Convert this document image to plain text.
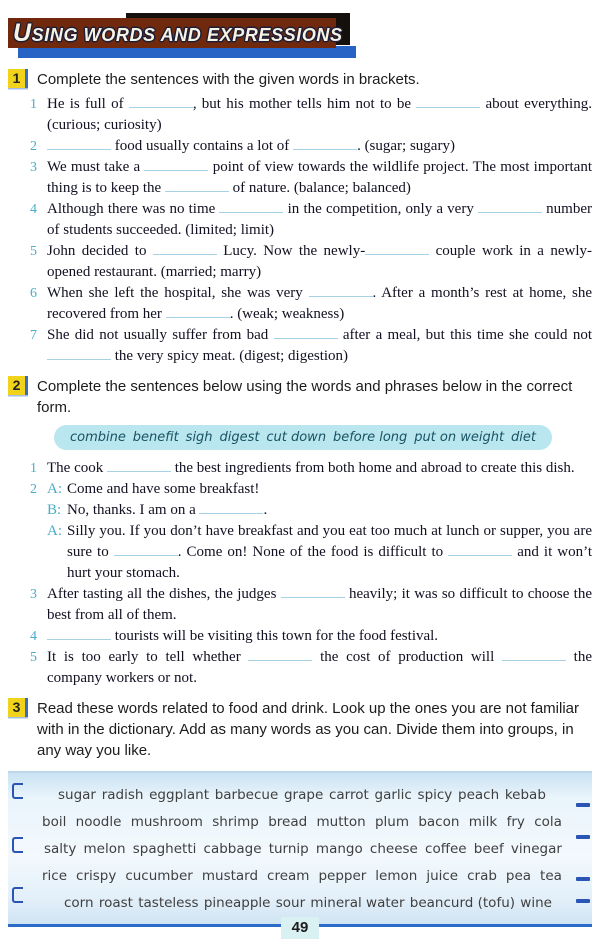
USING WORDS AND EXPRESSIONS
1	Complete the sentences with the given words in brackets.
1 He is full of	, but his mother tells him not to be	about everything. (curious; curiosity)
2	food usually contains a lot of	. (sugar; sugary)
3 We must take a	point of view towards the wildlife project. The most important thing is to keep the	of nature. (balance; balanced)
4 Although there was no time	in the competition, only a very	number of students succeeded. (limited; limit)
5 John decided to	Lucy. Now the newly-	couple work in a newly-opened restaurant. (married; marry)
6 When she left the hospital, she was very	. After a month’s rest at home, she recovered from her	. (weak; weakness)
7 She did not usually suffer from bad	after a meal, but this time she could not  the very spicy meat. (digest; digestion)
2	Complete the sentences below using the words and phrases below in the correct form.
combine benefit sigh digest cut down before long put on weight diet
1 The cook	the best ingredients from both home and abroad to create this dish.
2 A: Come and have some breakfast!
B: No, thanks. I am on a	.
A: Silly you. If you don’t have breakfast and you eat too much at lunch or supper, you are sure to	. Come on! None of the food is difficult to	and it won’t hurt your stomach.
3 After tasting all the dishes, the judges	heavily; it was so difficult to choose the best from all of them.
4	tourists will be visiting this town for the food festival.
5 It is too early to tell whether	the cost of production will	the company workers or not.
3	Read these words related to food and drink. Look up the ones you are not familiar with in the dictionary. Add as many words as you can. Divide them into groups, in any way you like.
sugar radish eggplant barbecue grape carrot garlic spicy peach kebab
boil noodle mushroom shrimp bread mutton plum bacon milk fry cola
salty melon spaghetti cabbage turnip mango cheese coffee beef vinegar
rice crispy cucumber mustard cream pepper lemon juice crab pea tea
corn roast tasteless pineapple sour mineral water beancurd (tofu) wine
49
